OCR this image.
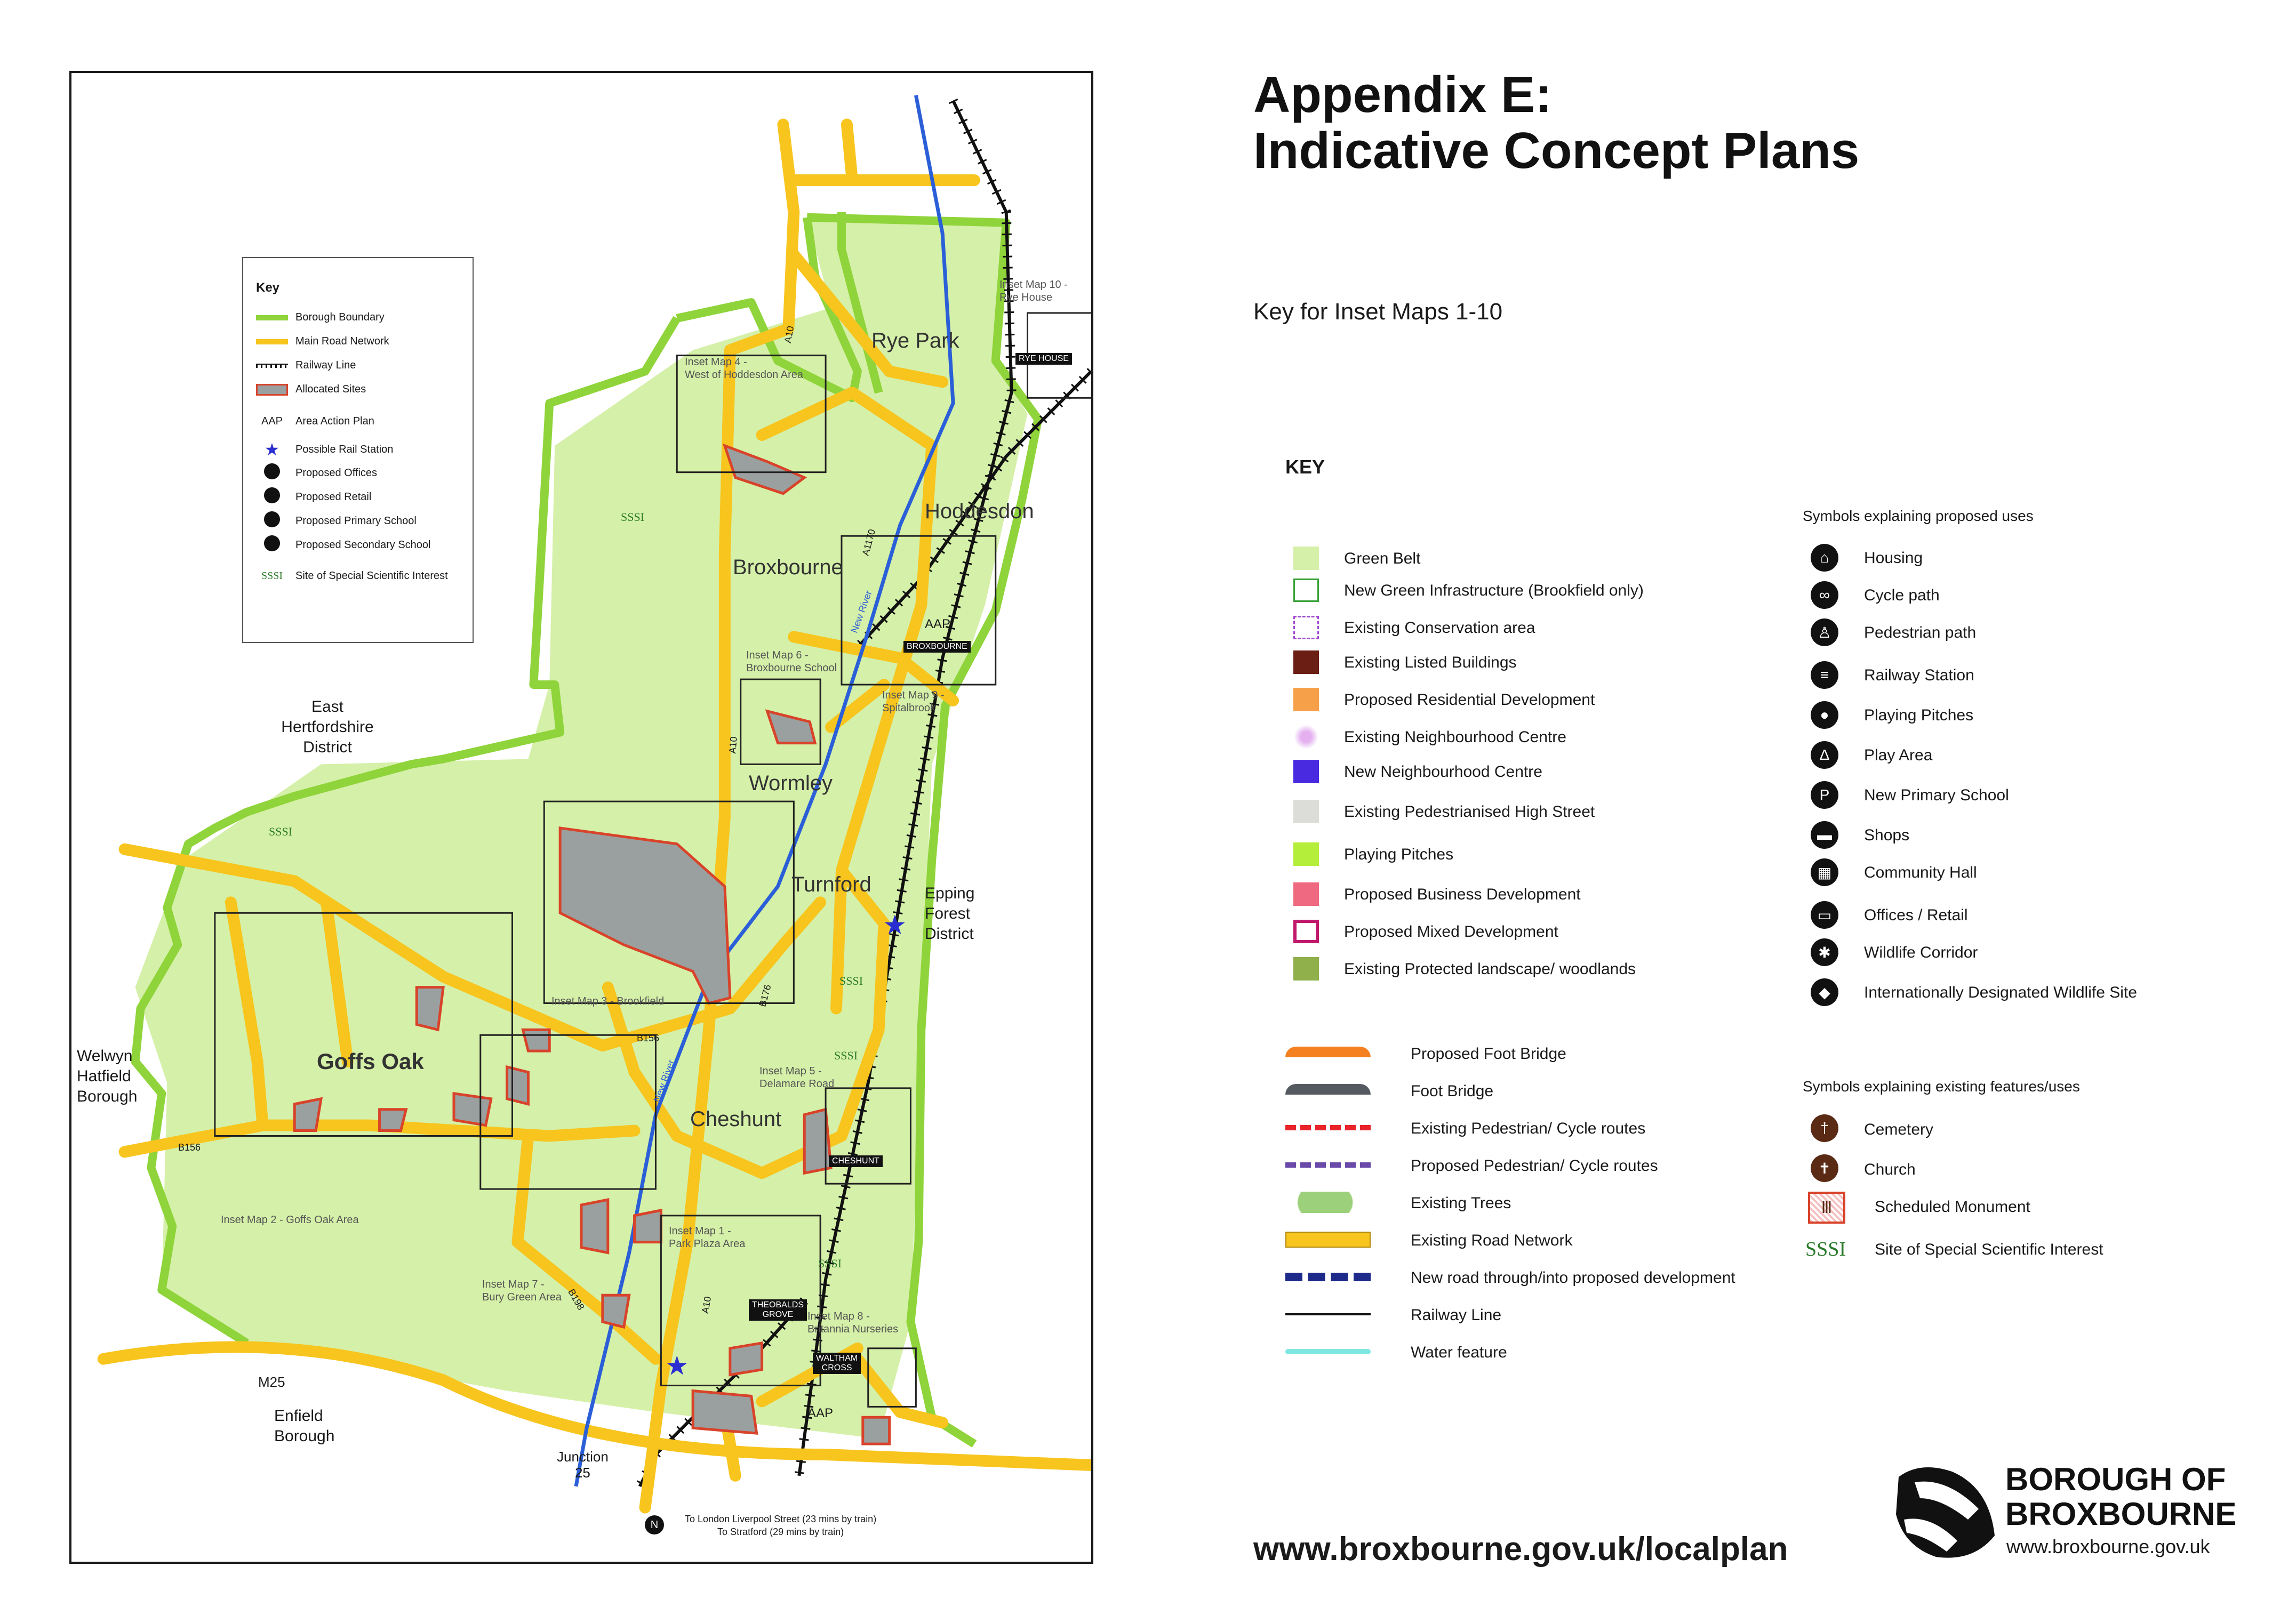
★
★
Key
Borough Boundary
Main Road Network
Railway Line
Allocated Sites
AAP	Area Action Plan
★	Possible Rail Station
Proposed Offices
Proposed Retail
Proposed Primary School
Proposed Secondary School
SSSI	Site of Special Scientific Interest
Rye Park
Hoddesdon
Broxbourne
Wormley
Turnford
Goffs Oak
Cheshunt
East
Hertfordshire
District
Epping
Forest
District
Welwyn
Hatfield
Borough
Enfield
Borough
Inset Map 1 -
Park Plaza Area
Inset Map 2 - Goffs Oak Area
Inset Map 3 - Brookfield
Inset Map 4 -
West of Hoddesdon Area
Inset Map 5 -
Delamare Road
Inset Map 6 -
Broxbourne School
Inset Map 7 -
Bury Green Area
Inset Map 8 -
Britannia Nurseries
Inset Map 9 -
Spitalbrook
Inset Map 10 -
Rye House
A10
A10
A10
A1170
B156
B156
B176
B198
New River
New River
M25
Junction
25
RYE HOUSE
BROXBOURNE
CHESHUNT
THEOBALDS
GROVE
WALTHAM
CROSS
AAP
AAP
SSSI
SSSI
SSSI
SSSI
SSSI
N	To London Liverpool Street (23 mins by train)
To Stratford (29 mins by train)
Appendix E:
Indicative Concept Plans
Key for Inset Maps 1-10
KEY
Green Belt
New Green Infrastructure (Brookfield only)
Existing Conservation area
Existing Listed Buildings
Proposed Residential Development
Existing Neighbourhood Centre
New Neighbourhood Centre
Existing Pedestrianised High Street
Playing Pitches
Proposed Business Development
Proposed Mixed Development
Existing Protected landscape/ woodlands
Proposed Foot Bridge
Foot Bridge
Existing Pedestrian/ Cycle routes
Proposed Pedestrian/ Cycle routes
Existing Trees
Existing Road Network
New road through/into proposed development
Railway Line
Water feature
Symbols explaining proposed uses
⌂	Housing
∞	Cycle path
♙	Pedestrian path
≡	Railway Station
●	Playing Pitches
Δ	Play Area
P	New Primary School
▬	Shops
▦	Community Hall
▭	Offices / Retail
✱	Wildlife Corridor
◆	Internationally Designated Wildlife Site
Symbols explaining existing features/uses
†	Cemetery
✝	Church
Ⅲ	Scheduled Monument
SSSI Site of Special Scientific Interest
www.broxbourne.gov.uk/localplan
BOROUGH OF
BROXBOURNE
www.broxbourne.gov.uk
